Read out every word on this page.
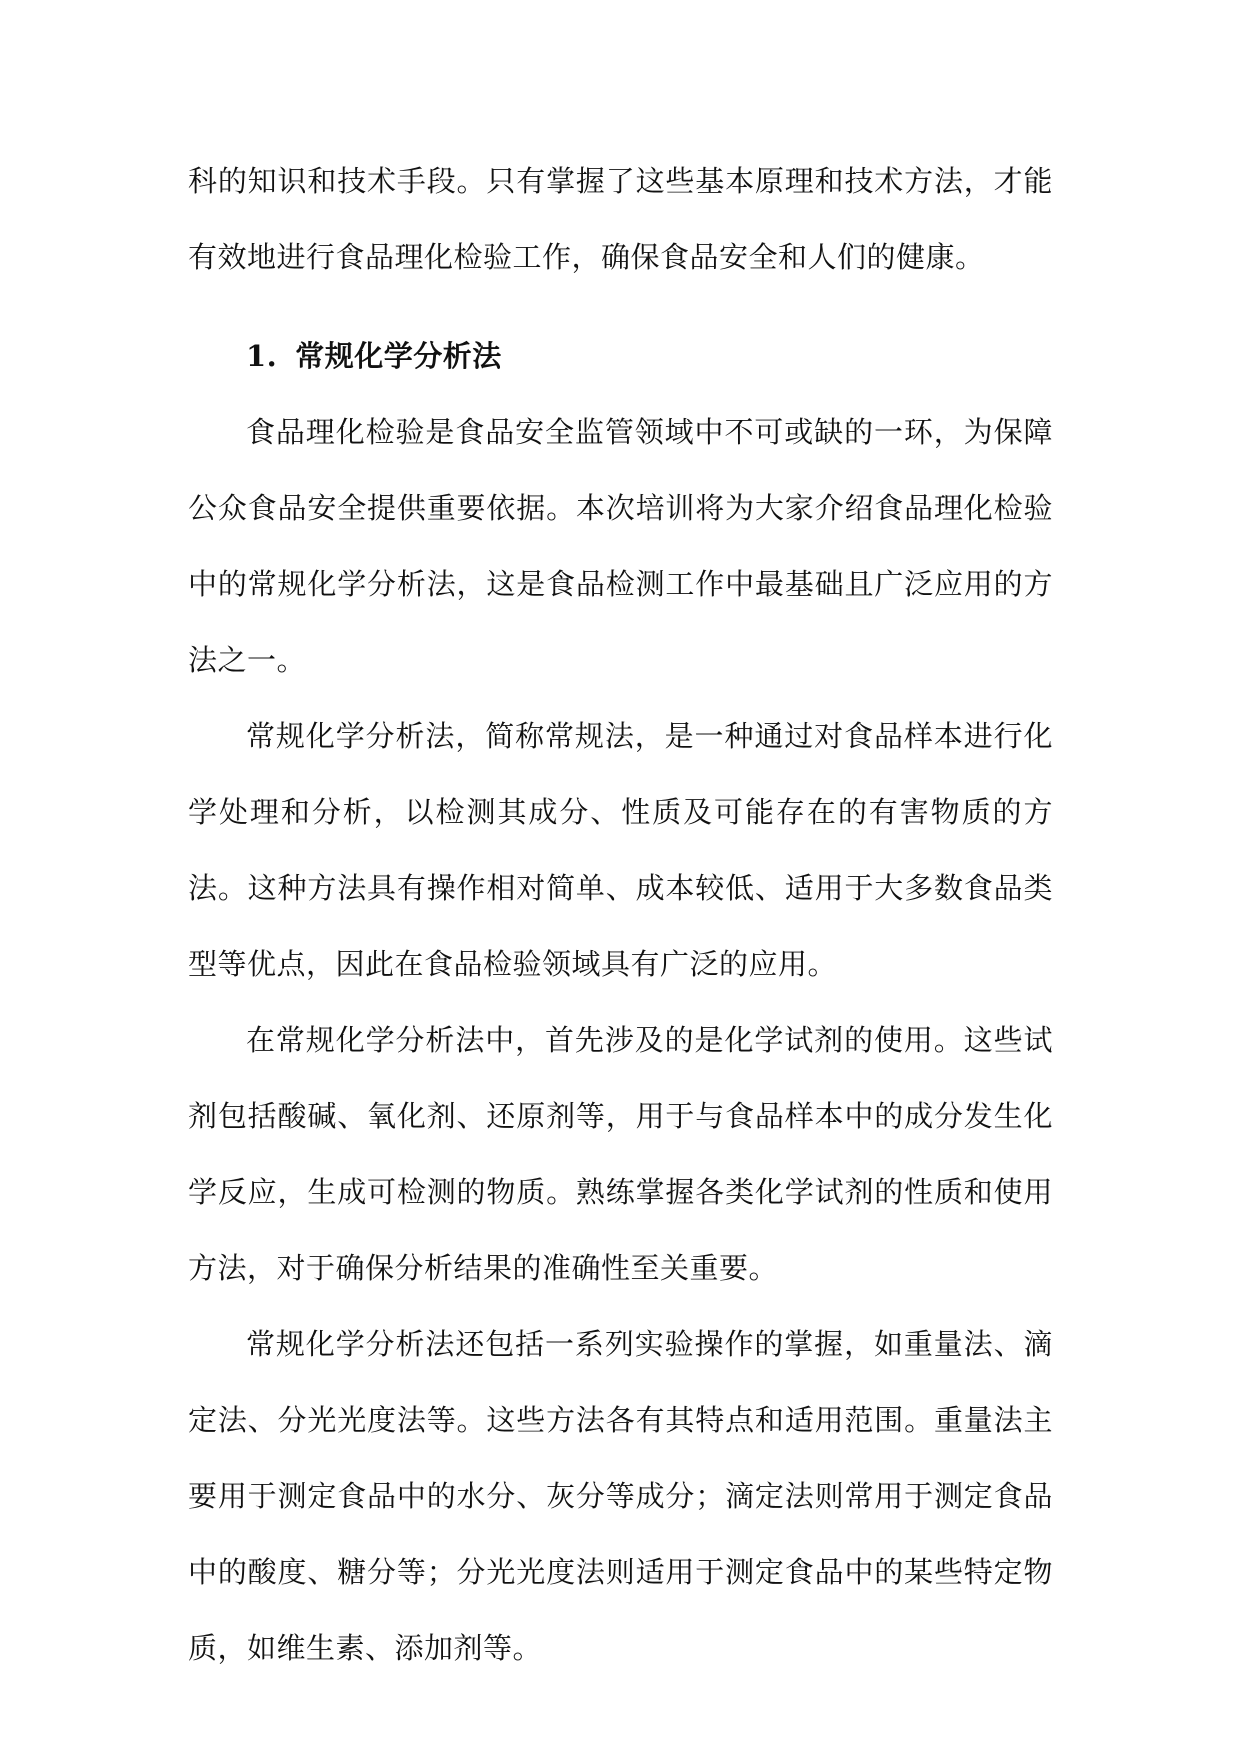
科的知识和技术手段。只有掌握了这些基本原理和技术方法，才能有效地进行食品理化检验工作，确保食品安全和人们的健康。

1. 常规化学分析法

食品理化检验是食品安全监管领域中不可或缺的一环，为保障公众食品安全提供重要依据。本次培训将为大家介绍食品理化检验中的常规化学分析法，这是食品检测工作中最基础且广泛应用的方法之一。

常规化学分析法，简称常规法，是一种通过对食品样本进行化学处理和分析，以检测其成分、性质及可能存在的有害物质的方法。这种方法具有操作相对简单、成本较低、适用于大多数食品类型等优点，因此在食品检验领域具有广泛的应用。

在常规化学分析法中，首先涉及的是化学试剂的使用。这些试剂包括酸碱、氧化剂、还原剂等，用于与食品样本中的成分发生化学反应，生成可检测的物质。熟练掌握各类化学试剂的性质和使用方法，对于确保分析结果的准确性至关重要。

常规化学分析法还包括一系列实验操作的掌握，如重量法、滴定法、分光光度法等。这些方法各有其特点和适用范围。重量法主要用于测定食品中的水分、灰分等成分；滴定法则常用于测定食品中的酸度、糖分等；分光光度法则适用于测定食品中的某些特定物质，如维生素、添加剂等。
